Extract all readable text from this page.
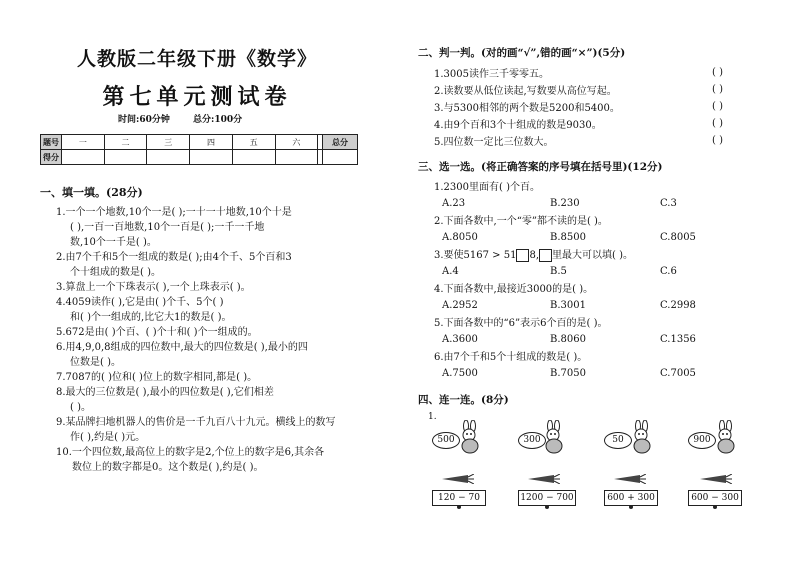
人教版二年级下册《数学》
第七单元测试卷
时间:60分钟	总分:100分
题号	一	二	三	四	五	六		总分
得分								
一、填一填。(28分)
1.一个一个地数,10个一是( );一十一十地数,10个十是
( ),一百一百地数,10个一百是( );一千一千地
数,10个一千是( )。
2.由7个千和5个一组成的数是( );由4个千、5个百和3
个十组成的数是( )。
3.算盘上一个下珠表示( ),一个上珠表示( )。
4.4059读作( ),它是由( )个千、5个( )
和( )个一组成的,比它大1的数是( )。
5.672是由( )个百、( )个十和( )个一组成的。
6.用4,9,0,8组成的四位数中,最大的四位数是( ),最小的四
位数是( )。
7.7087的( )位和( )位上的数字相同,都是( )。
8.最大的三位数是( ),最小的四位数是( ),它们相差
( )。
9.某品牌扫地机器人的售价是一千九百八十九元。横线上的数写
作( ),约是( )元。
10.一个四位数,最高位上的数字是2,个位上的数字是6,其余各
数位上的数字都是0。这个数是( ),约是( )。
二、判一判。(对的画“√”,错的画“×”)(5分)
1.3005读作三千零零五。	( )
2.读数要从低位读起,写数要从高位写起。	( )
3.与5300相邻的两个数是5200和5400。	( )
4.由9个百和3个十组成的数是9030。	( )
5.四位数一定比三位数大。	( )
三、选一选。(将正确答案的序号填在括号里)(12分)
1.2300里面有( )个百。
A.23	B.230	C.3
2.下面各数中,一个“零”都不读的是( )。
A.8050	B.8500	C.8005
3.要使5167 > 51 8, 里最大可以填( )。
A.4	B.5	C.6
4.下面各数中,最接近3000的是( )。
A.2952	B.3001	C.2998
5.下面各数中的“6”表示6个百的是( )。
A.3600	B.8060	C.1356
6.由7个千和5个十组成的数是( )。
A.7500	B.7050	C.7005
四、连一连。(8分)
1.
500	300	50	900
120 − 70	1200 − 700	600 + 300	600 − 300
